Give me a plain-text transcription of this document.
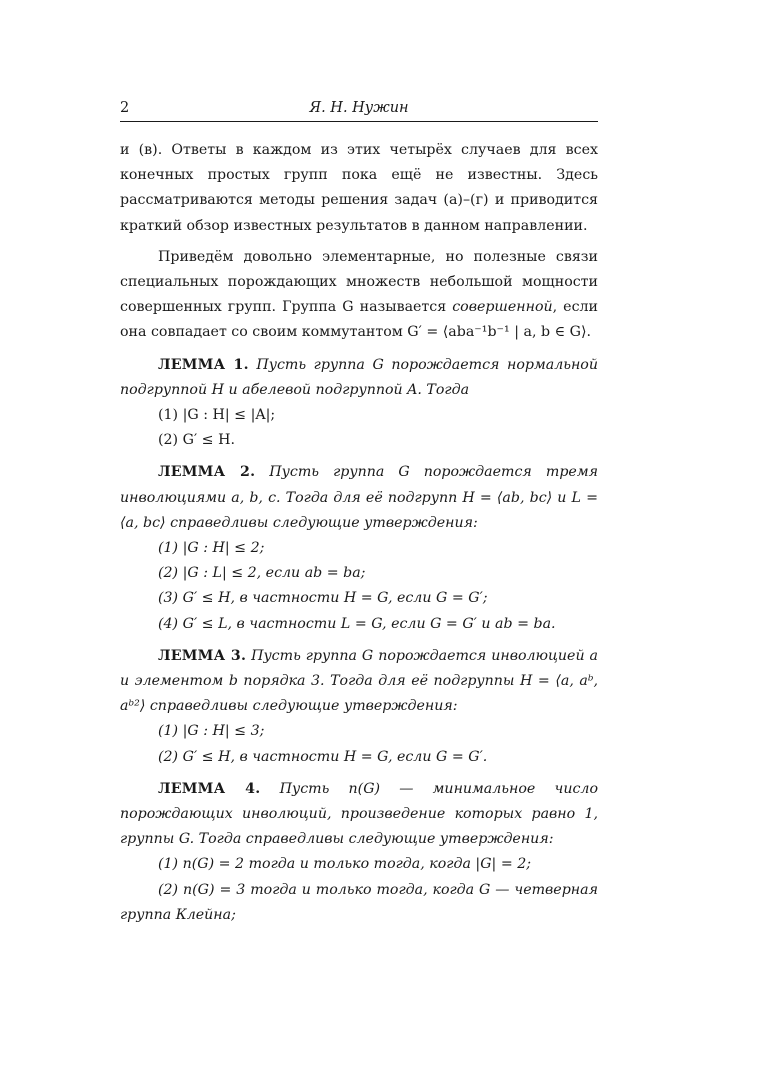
2	Я. Н. Нужин

и (в). Ответы в каждом из этих четырёх случаев для всех конечных простых групп пока ещё не известны. Здесь рассматриваются методы решения задач (а)–(г) и приводится краткий обзор известных результатов в данном направлении.

Приведём довольно элементарные, но полезные связи специальных порождающих множеств небольшой мощности совершенных групп. Группа G называется совершенной, если она совпадает со своим коммутантом G′ = ⟨aba⁻¹b⁻¹ | a, b ∈ G⟩.

ЛЕММА 1. Пусть группа G порождается нормальной подгруппой H и абелевой подгруппой A. Тогда

(1) |G : H| ≤ |A|;

(2) G′ ≤ H.

ЛЕММА 2. Пусть группа G порождается тремя инволюциями a, b, c. Тогда для её подгрупп H = ⟨ab, bc⟩ и L = ⟨a, bc⟩ справедливы следующие утверждения:

(1) |G : H| ≤ 2;

(2) |G : L| ≤ 2, если ab = ba;

(3) G′ ≤ H, в частности H = G, если G = G′;

(4) G′ ≤ L, в частности L = G, если G = G′ и ab = ba.

ЛЕММА 3. Пусть группа G порождается инволюцией a и элементом b порядка 3. Тогда для её подгруппы H = ⟨a, aᵇ, aᵇ²⟩ справедливы следующие утверждения:

(1) |G : H| ≤ 3;

(2) G′ ≤ H, в частности H = G, если G = G′.

ЛЕММА 4. Пусть n(G) — минимальное число порождающих инволюций, произведение которых равно 1, группы G. Тогда справедливы следующие утверждения:

(1) n(G) = 2 тогда и только тогда, когда |G| = 2;

(2) n(G) = 3 тогда и только тогда, когда G — четверная группа Клейна;
